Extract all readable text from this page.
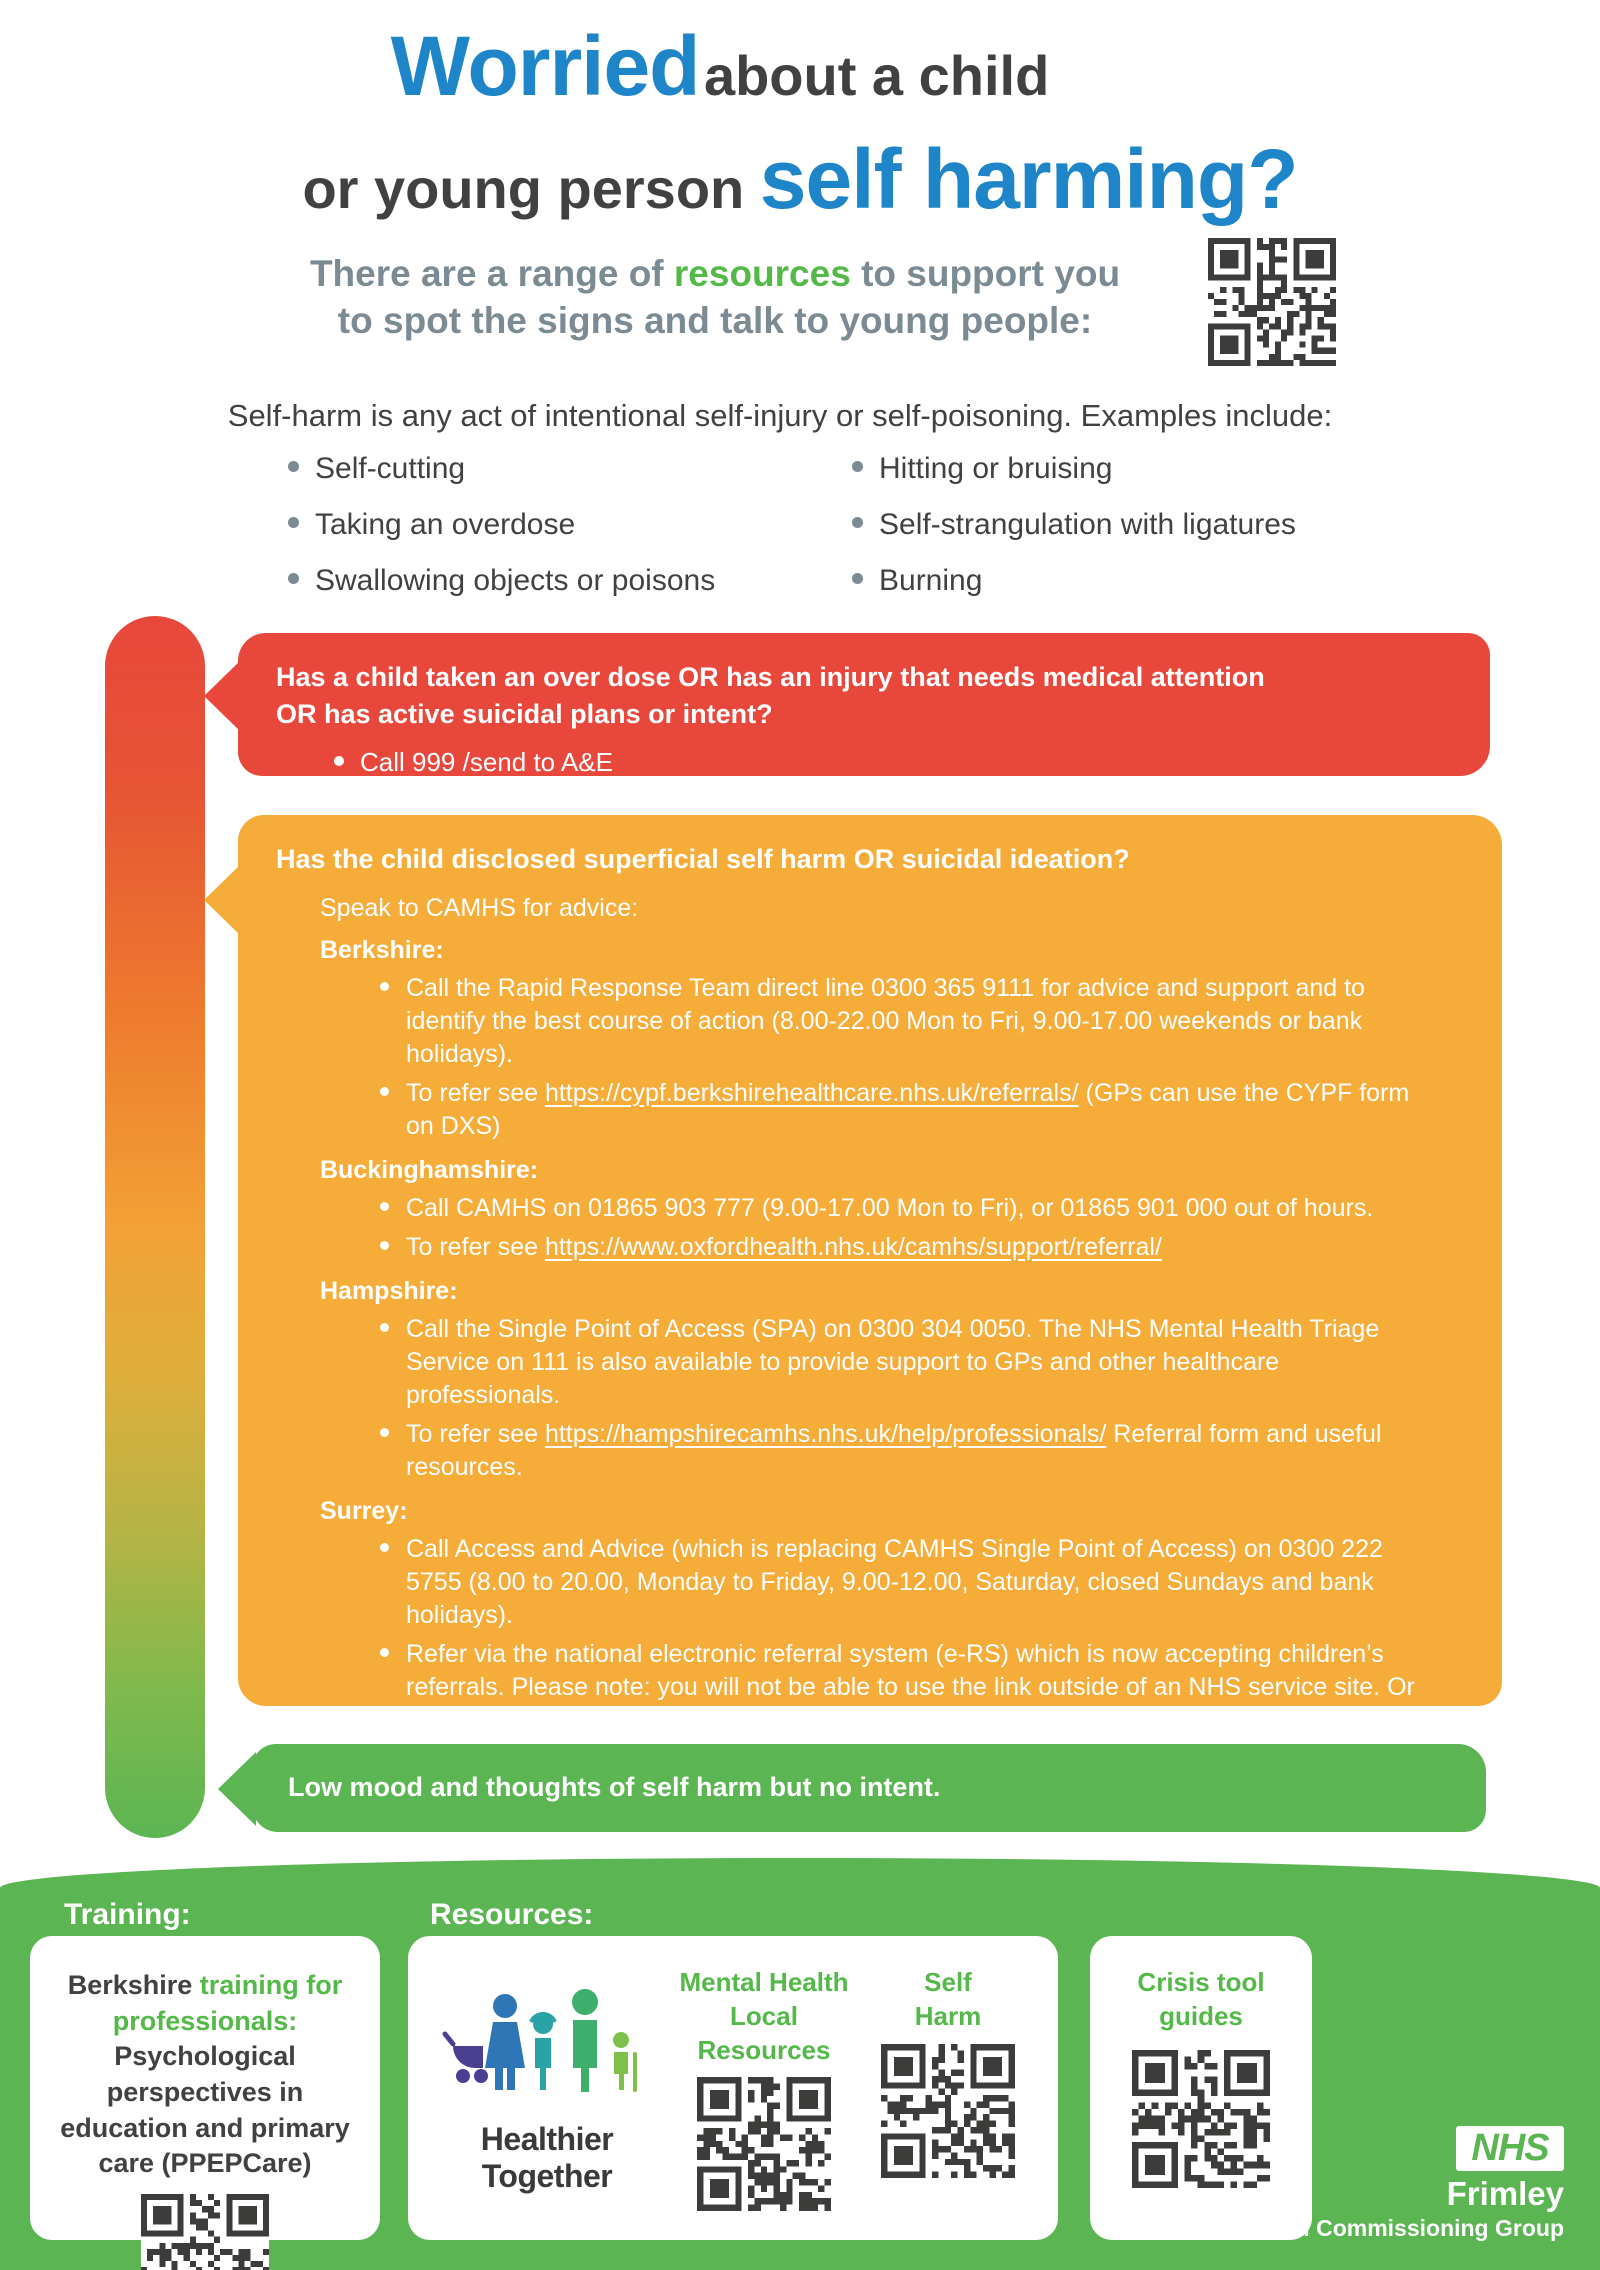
Worried about a child
or young person self harming?
There are a range of resources to support you
to spot the signs and talk to young people:
Self-harm is any act of intentional self-injury or self-poisoning. Examples include:
Self-cutting
Taking an overdose
Swallowing objects or poisons
Hitting or bruising
Self-strangulation with ligatures
Burning
Has a child taken an over dose OR has an injury that needs medical attention
OR has active suicidal plans or intent?
Call 999 /send to A&E
Has the child disclosed superficial self harm OR suicidal ideation?
Speak to CAMHS for advice:
Berkshire:
Call the Rapid Response Team direct line 0300 365 9111 for advice and support and to identify the best course of action (8.00-22.00 Mon to Fri, 9.00-17.00 weekends or bank holidays).
To refer see https://cypf.berkshirehealthcare.nhs.uk/referrals/ (GPs can use the CYPF form on DXS)
Buckinghamshire:
Call CAMHS on 01865 903 777 (9.00-17.00 Mon to Fri), or 01865 901 000 out of hours.
To refer see https://www.oxfordhealth.nhs.uk/camhs/support/referral/
Hampshire:
Call the Single Point of Access (SPA) on 0300 304 0050. The NHS Mental Health Triage Service on 111 is also available to provide support to GPs and other healthcare professionals.
To refer see https://hampshirecamhs.nhs.uk/help/professionals/ Referral form and useful resources.
Surrey:
Call Access and Advice (which is replacing CAMHS Single Point of Access) on 0300 222 5755 (8.00 to 20.00, Monday to Friday, 9.00-12.00, Saturday, closed Sundays and bank holidays).
Refer via the national electronic referral system (e-RS) which is now accepting children’s referrals. Please note: you will not be able to use the link outside of an NHS service site. Or visit the secure Riviam web portal using Google Chrome.
Low mood and thoughts of self harm but no intent.
Training:	Resources:
Berkshire training for professionals: Psychological perspectives in education and primary care (PPEPCare)
Healthier Together
Mental Health
Local Resources
Self
Harm
Crisis tool
guides
NHS
Frimley
Clinical Commissioning Group
